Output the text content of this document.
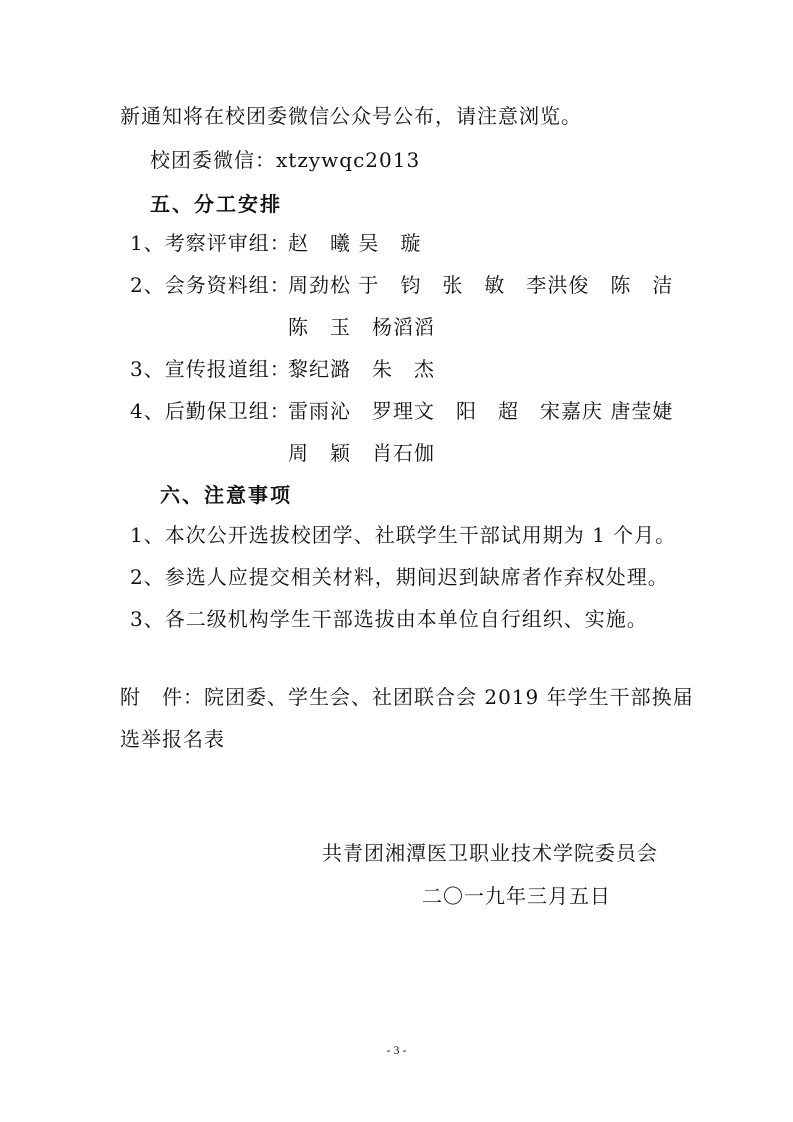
新通知将在校团委微信公众号公布，请注意浏览。
校团委微信：xtzywqc2013
五、分工安排
1、考察评审组：
赵　曦 吴　璇
2、会务资料组：
周劲松 于　钧　张　敏　李洪俊　陈　洁
陈　玉　杨滔滔
3、宣传报道组：
黎纪潞　朱　杰
4、后勤保卫组：
雷雨沁　罗理文　阳　超　宋嘉庆 唐莹婕
周　颖　肖石伽
六、注意事项
1、本次公开选拔校团学、社联学生干部试用期为 1 个月。
2、参选人应提交相关材料，期间迟到缺席者作弃权处理。
3、各二级机构学生干部选拔由本单位自行组织、实施。
附　件：院团委、学生会、社团联合会 2019 年学生干部换届
选举报名表
共青团湘潭医卫职业技术学院委员会
二〇一九年三月五日
- 3 -
